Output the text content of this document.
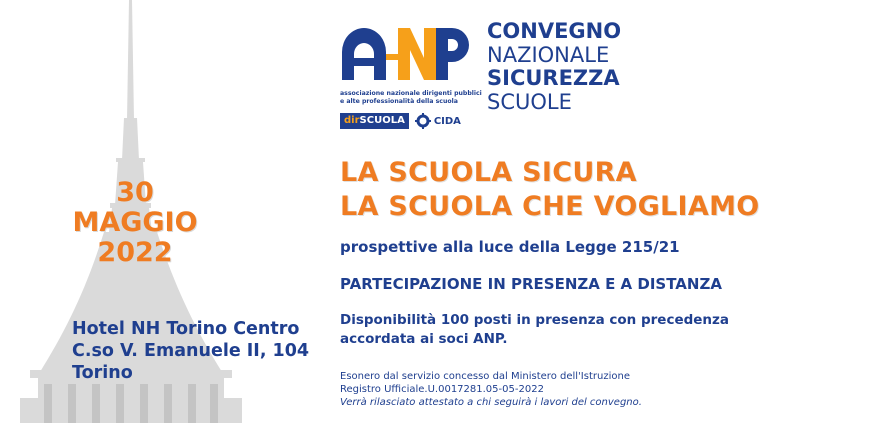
30
MAGGIO
2022
Hotel NH Torino Centro
C.so V. Emanuele II, 104
Torino
associazione nazionale dirigenti pubblici
e alte professionalità della scuola
dirSCUOLA	CIDA
CONVEGNO
NAZIONALE
SICUREZZA
SCUOLE
LA SCUOLA SICURA
LA SCUOLA CHE VOGLIAMO
prospettive alla luce della Legge 215/21
PARTECIPAZIONE IN PRESENZA E A DISTANZA
Disponibilità 100 posti in presenza con precedenza
accordata ai soci ANP.
Esonero dal servizio concesso dal Ministero dell'Istruzione
Registro Ufficiale.U.0017281.05-05-2022
Verrà rilasciato attestato a chi seguirà i lavori del convegno.
